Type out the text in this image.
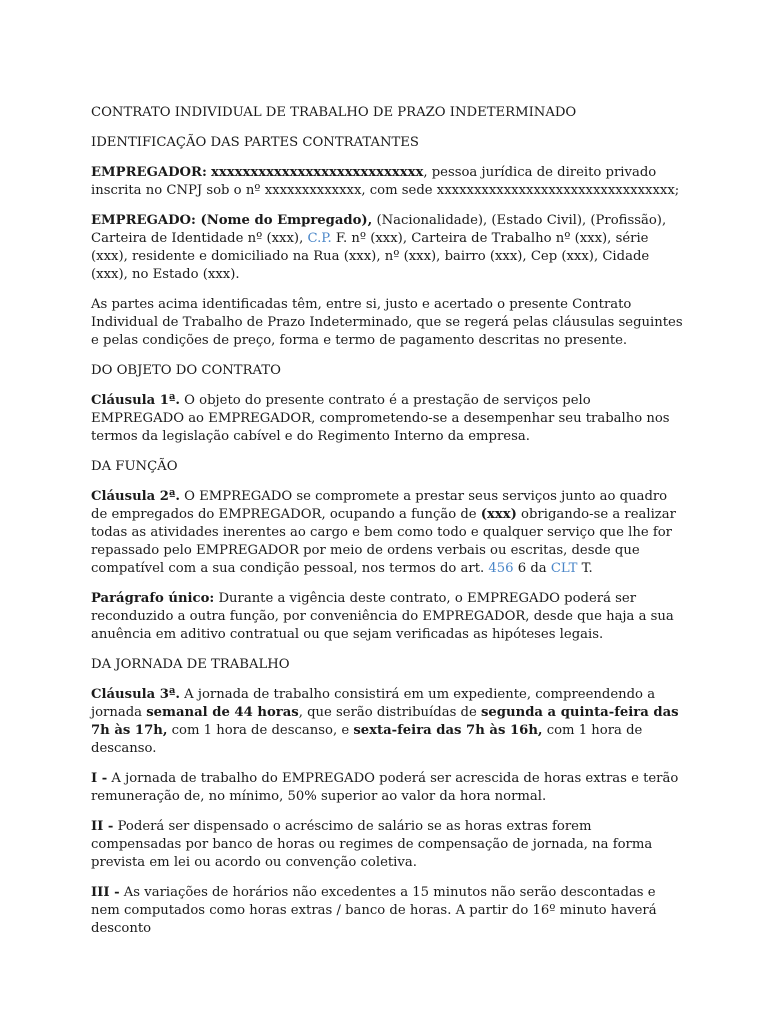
CONTRATO INDIVIDUAL DE TRABALHO DE PRAZO INDETERMINADO
IDENTIFICAÇÃO DAS PARTES CONTRATANTES

EMPREGADOR: xxxxxxxxxxxxxxxxxxxxxxxxxxx, pessoa jurídica de direito privado inscrita no CNPJ sob o nº xxxxxxxxxxxxx, com sede xxxxxxxxxxxxxxxxxxxxxxxxxxxxxxxx;

EMPREGADO: (Nome do Empregado), (Nacionalidade), (Estado Civil), (Profissão), Carteira de Identidade nº (xxx), C.P. F. nº (xxx), Carteira de Trabalho nº (xxx), série (xxx), residente e domiciliado na Rua (xxx), nº (xxx), bairro (xxx), Cep (xxx), Cidade (xxx), no Estado (xxx).

As partes acima identificadas têm, entre si, justo e acertado o presente Contrato Individual de Trabalho de Prazo Indeterminado, que se regerá pelas cláusulas seguintes e pelas condições de preço, forma e termo de pagamento descritas no presente.

DO OBJETO DO CONTRATO

Cláusula 1ª. O objeto do presente contrato é a prestação de serviços pelo EMPREGADO ao EMPREGADOR, comprometendo-se a desempenhar seu trabalho nos termos da legislação cabível e do Regimento Interno da empresa.

DA FUNÇÃO

Cláusula 2ª. O EMPREGADO se compromete a prestar seus serviços junto ao quadro de empregados do EMPREGADOR, ocupando a função de (xxx) obrigando-se a realizar todas as atividades inerentes ao cargo e bem como todo e qualquer serviço que lhe for repassado pelo EMPREGADOR por meio de ordens verbais ou escritas, desde que compatível com a sua condição pessoal, nos termos do art. 456 6 da CLT T.

Parágrafo único: Durante a vigência deste contrato, o EMPREGADO poderá ser reconduzido a outra função, por conveniência do EMPREGADOR, desde que haja a sua anuência em aditivo contratual ou que sejam verificadas as hipóteses legais.

DA JORNADA DE TRABALHO

Cláusula 3ª. A jornada de trabalho consistirá em um expediente, compreendendo a jornada semanal de 44 horas, que serão distribuídas de segunda a quinta-feira das 7h às 17h, com 1 hora de descanso, e sexta-feira das 7h às 16h, com 1 hora de descanso.

I - A jornada de trabalho do EMPREGADO poderá ser acrescida de horas extras e terão remuneração de, no mínimo, 50% superior ao valor da hora normal.

II - Poderá ser dispensado o acréscimo de salário se as horas extras forem compensadas por banco de horas ou regimes de compensação de jornada, na forma prevista em lei ou acordo ou convenção coletiva.

III - As variações de horários não excedentes a 15 minutos não serão descontadas e nem computados como horas extras / banco de horas. A partir do 16º minuto haverá desconto
